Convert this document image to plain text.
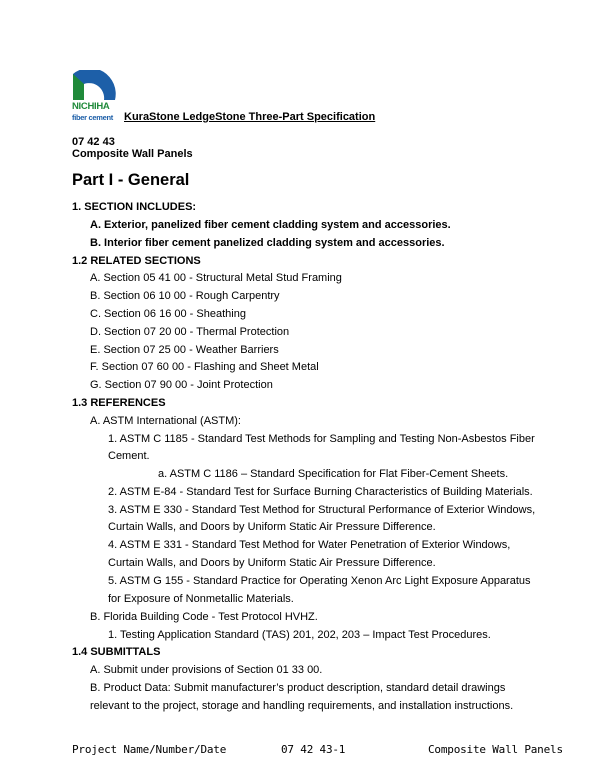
NICHIHA
fiber cement KuraStone LedgeStone Three-Part Specification
07 42 43
Composite Wall Panels
Part I - General
1. SECTION INCLUDES:
A. Exterior, panelized fiber cement cladding system and accessories.
B. Interior fiber cement panelized cladding system and accessories.
1.2 RELATED SECTIONS
A. Section 05 41 00 - Structural Metal Stud Framing
B. Section 06 10 00 - Rough Carpentry
C. Section 06 16 00 - Sheathing
D. Section 07 20 00 - Thermal Protection
E. Section 07 25 00 - Weather Barriers
F. Section 07 60 00 - Flashing and Sheet Metal
G. Section 07 90 00 - Joint Protection
1.3 REFERENCES
A. ASTM International (ASTM):
1. ASTM C 1185 - Standard Test Methods for Sampling and Testing Non-Asbestos Fiber
Cement.
a. ASTM C 1186 – Standard Specification for Flat Fiber-Cement Sheets.
2. ASTM E-84 - Standard Test for Surface Burning Characteristics of Building Materials.
3. ASTM E 330 - Standard Test Method for Structural Performance of Exterior Windows,
Curtain Walls, and Doors by Uniform Static Air Pressure Difference.
4. ASTM E 331 - Standard Test Method for Water Penetration of Exterior Windows,
Curtain Walls, and Doors by Uniform Static Air Pressure Difference.
5. ASTM G 155 - Standard Practice for Operating Xenon Arc Light Exposure Apparatus
for Exposure of Nonmetallic Materials.
B. Florida Building Code - Test Protocol HVHZ.
1. Testing Application Standard (TAS) 201, 202, 203 – Impact Test Procedures.
1.4 SUBMITTALS
A. Submit under provisions of Section 01 33 00.
B. Product Data: Submit manufacturer’s product description, standard detail drawings
relevant to the project, storage and handling requirements, and installation instructions.
Project Name/Number/Date	07 42 43-1	Composite Wall Panels
